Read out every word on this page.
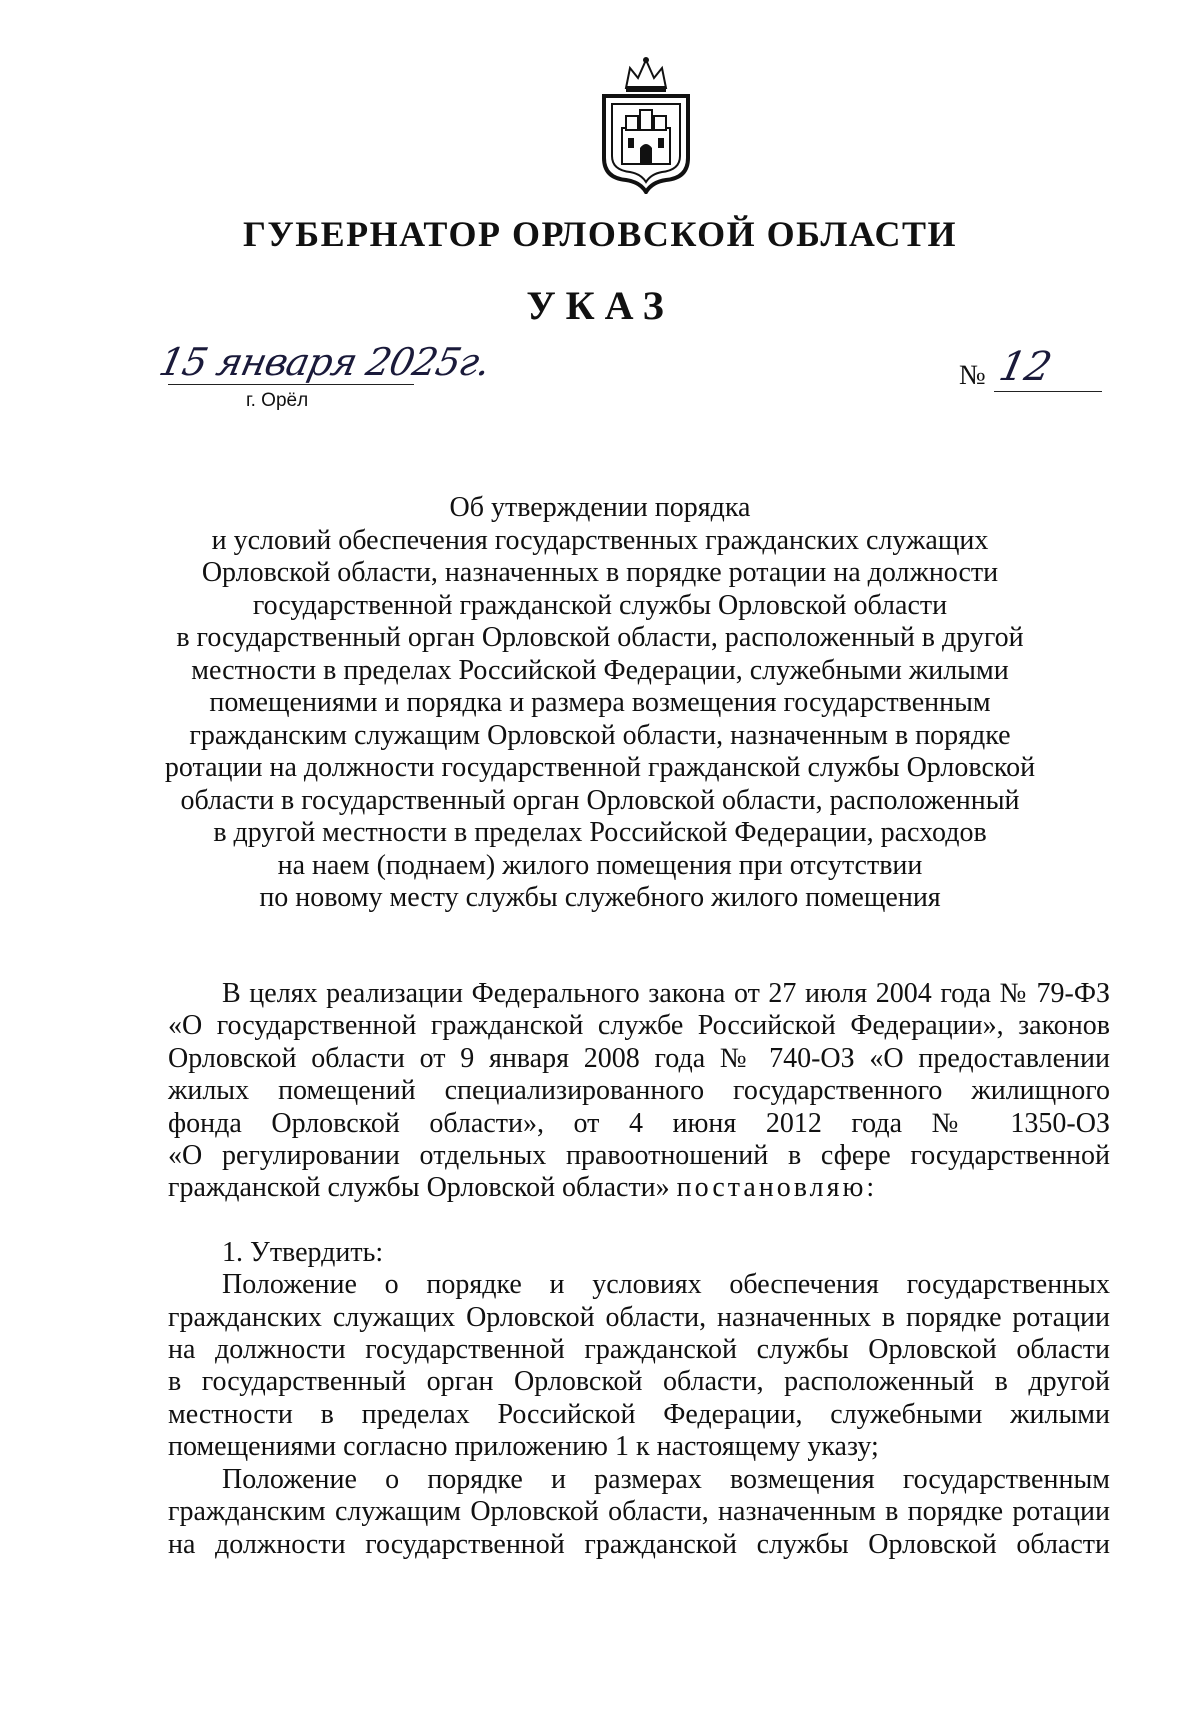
ГУБЕРНАТОР ОРЛОВСКОЙ ОБЛАСТИ
УКАЗ
15 января 2025г.
г. Орёл
№ 12
Об утверждении порядка
и условий обеспечения государственных гражданских служащих
Орловской области, назначенных в порядке ротации на должности
государственной гражданской службы Орловской области
в государственный орган Орловской области, расположенный в другой
местности в пределах Российской Федерации, служебными жилыми
помещениями и порядка и размера возмещения государственным
гражданским служащим Орловской области, назначенным в порядке
ротации на должности государственной гражданской службы Орловской
области в государственный орган Орловской области, расположенный
в другой местности в пределах Российской Федерации, расходов
на наем (поднаем) жилого помещения при отсутствии
по новому месту службы служебного жилого помещения
В целях реализации Федерального закона от 27 июля 2004 года № 79-ФЗ
«О государственной гражданской службе Российской Федерации», законов
Орловской области от 9 января 2008 года № 740-ОЗ «О предоставлении
жилых помещений специализированного государственного жилищного
фонда Орловской области», от 4 июня 2012 года № 1350-ОЗ
«О регулировании отдельных правоотношений в сфере государственной
гражданской службы Орловской области» постановляю:
1. Утвердить:
Положение о порядке и условиях обеспечения государственных
гражданских служащих Орловской области, назначенных в порядке ротации
на должности государственной гражданской службы Орловской области
в государственный орган Орловской области, расположенный в другой
местности в пределах Российской Федерации, служебными жилыми
помещениями согласно приложению 1 к настоящему указу;
Положение о порядке и размерах возмещения государственным
гражданским служащим Орловской области, назначенным в порядке ротации
на должности государственной гражданской службы Орловской области
